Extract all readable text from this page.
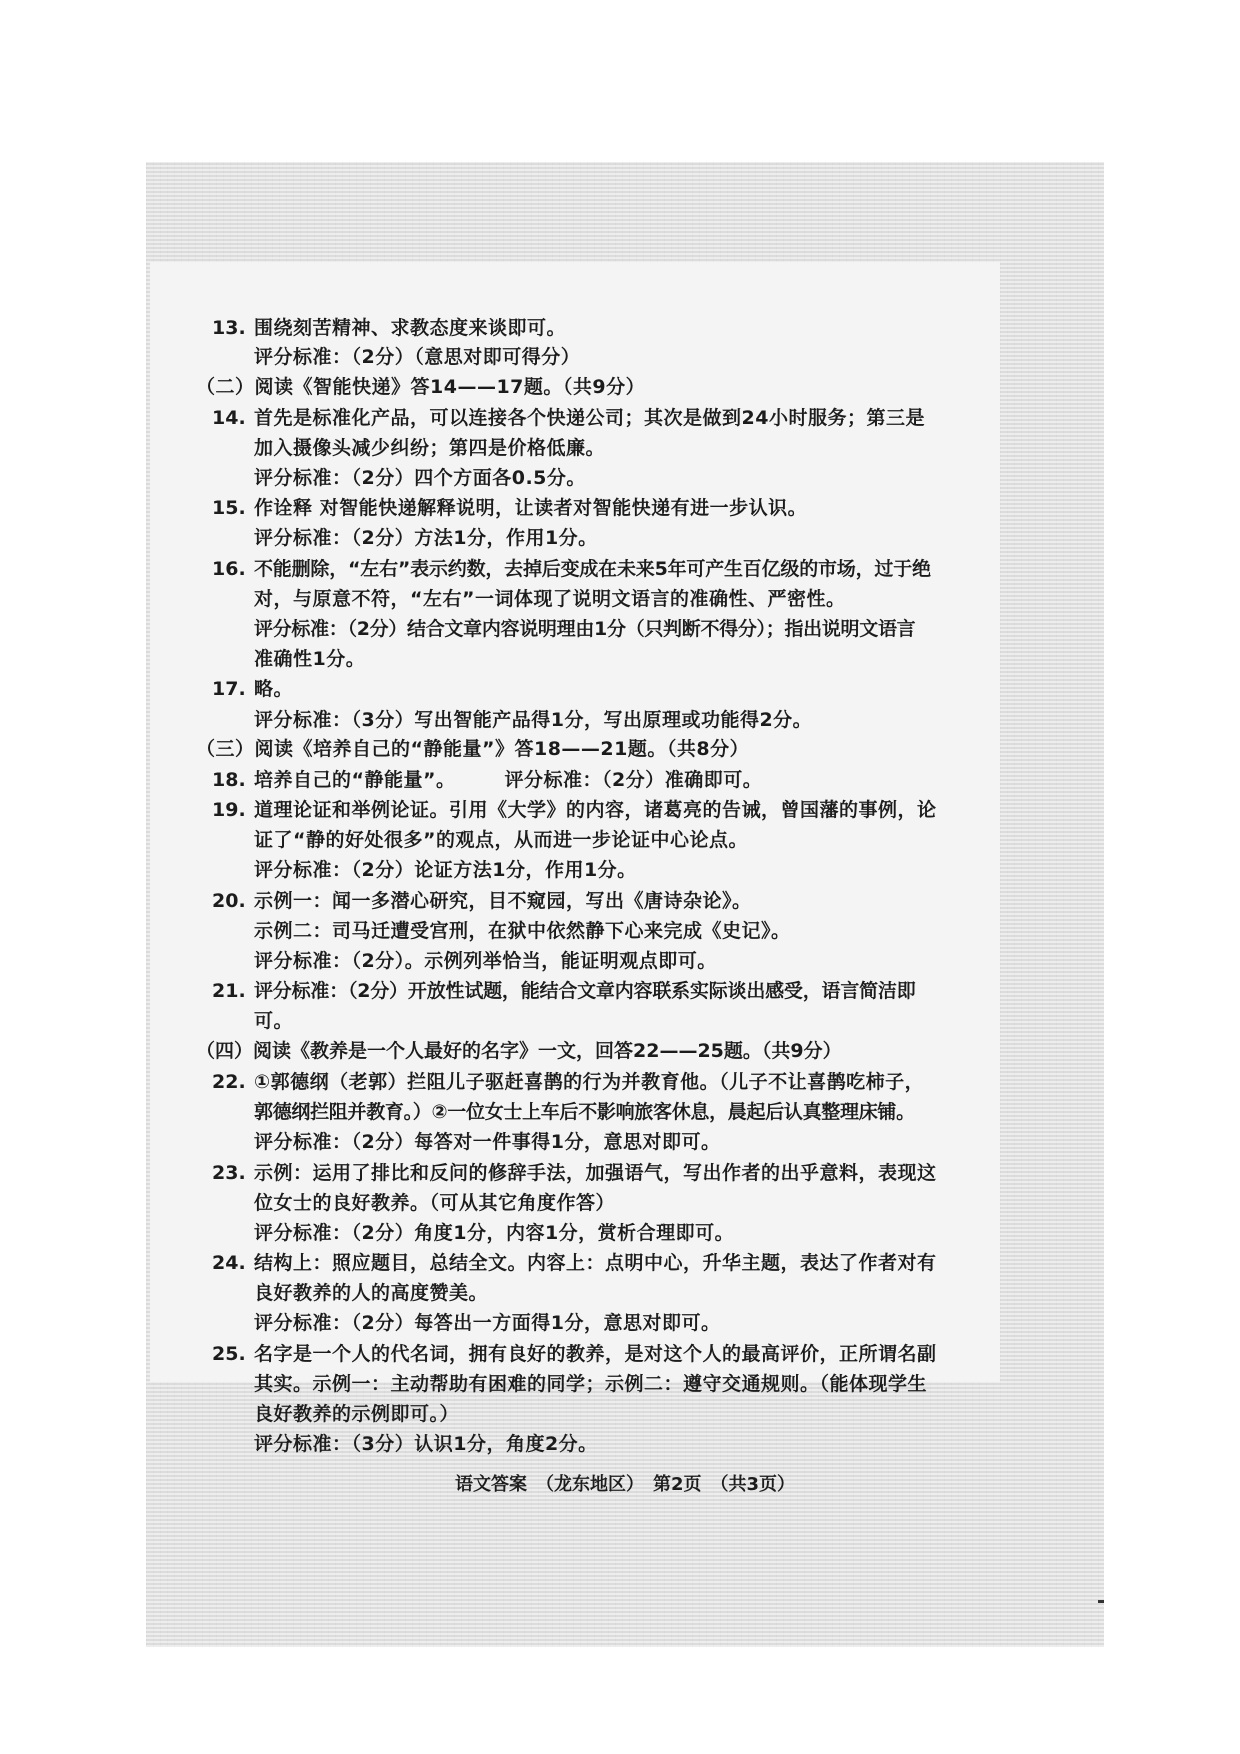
13. 围绕刻苦精神、求教态度来谈即可。
评分标准：（2分）（意思对即可得分）
（二）阅读《智能快递》答14——17题。（共9分）
14. 首先是标准化产品，可以连接各个快递公司；其次是做到24小时服务；第三是
加入摄像头减少纠纷；第四是价格低廉。
评分标准：（2分）四个方面各0.5分。
15. 作诠释 对智能快递解释说明，让读者对智能快递有进一步认识。
评分标准：（2分）方法1分，作用1分。
16. 不能删除，“左右”表示约数，去掉后变成在未来5年可产生百亿级的市场，过于绝
对，与原意不符，“左右”一词体现了说明文语言的准确性、严密性。
评分标准：（2分）结合文章内容说明理由1分（只判断不得分）；指出说明文语言
准确性1分。
17. 略。
评分标准：（3分）写出智能产品得1分，写出原理或功能得2分。
（三）阅读《培养自己的“静能量”》答18——21题。（共8分）
18. 培养自己的“静能量”。　　　评分标准：（2分）准确即可。
19. 道理论证和举例论证。引用《大学》的内容，诸葛亮的告诫，曾国藩的事例，论
证了“静的好处很多”的观点，从而进一步论证中心论点。
评分标准：（2分）论证方法1分，作用1分。
20. 示例一：闻一多潜心研究，目不窥园，写出《唐诗杂论》。
示例二：司马迁遭受宫刑，在狱中依然静下心来完成《史记》。
评分标准：（2分）。示例列举恰当，能证明观点即可。
21. 评分标准：（2分）开放性试题，能结合文章内容联系实际谈出感受，语言简洁即
可。
（四）阅读《教养是一个人最好的名字》一文，回答22——25题。（共9分）
22. ①郭德纲（老郭）拦阻儿子驱赶喜鹊的行为并教育他。（儿子不让喜鹊吃柿子，
郭德纲拦阻并教育。）②一位女士上车后不影响旅客休息，晨起后认真整理床铺。
评分标准：（2分）每答对一件事得1分，意思对即可。
23. 示例：运用了排比和反问的修辞手法，加强语气，写出作者的出乎意料，表现这
位女士的良好教养。（可从其它角度作答）
评分标准：（2分）角度1分，内容1分，赏析合理即可。
24. 结构上：照应题目，总结全文。内容上：点明中心，升华主题，表达了作者对有
良好教养的人的高度赞美。
评分标准：（2分）每答出一方面得1分，意思对即可。
25. 名字是一个人的代名词，拥有良好的教养，是对这个人的最高评价，正所谓名副
其实。示例一：主动帮助有困难的同学；示例二：遵守交通规则。（能体现学生
良好教养的示例即可。）
评分标准：（3分）认识1分，角度2分。
语文答案　（龙东地区）　第2页　（共3页）
